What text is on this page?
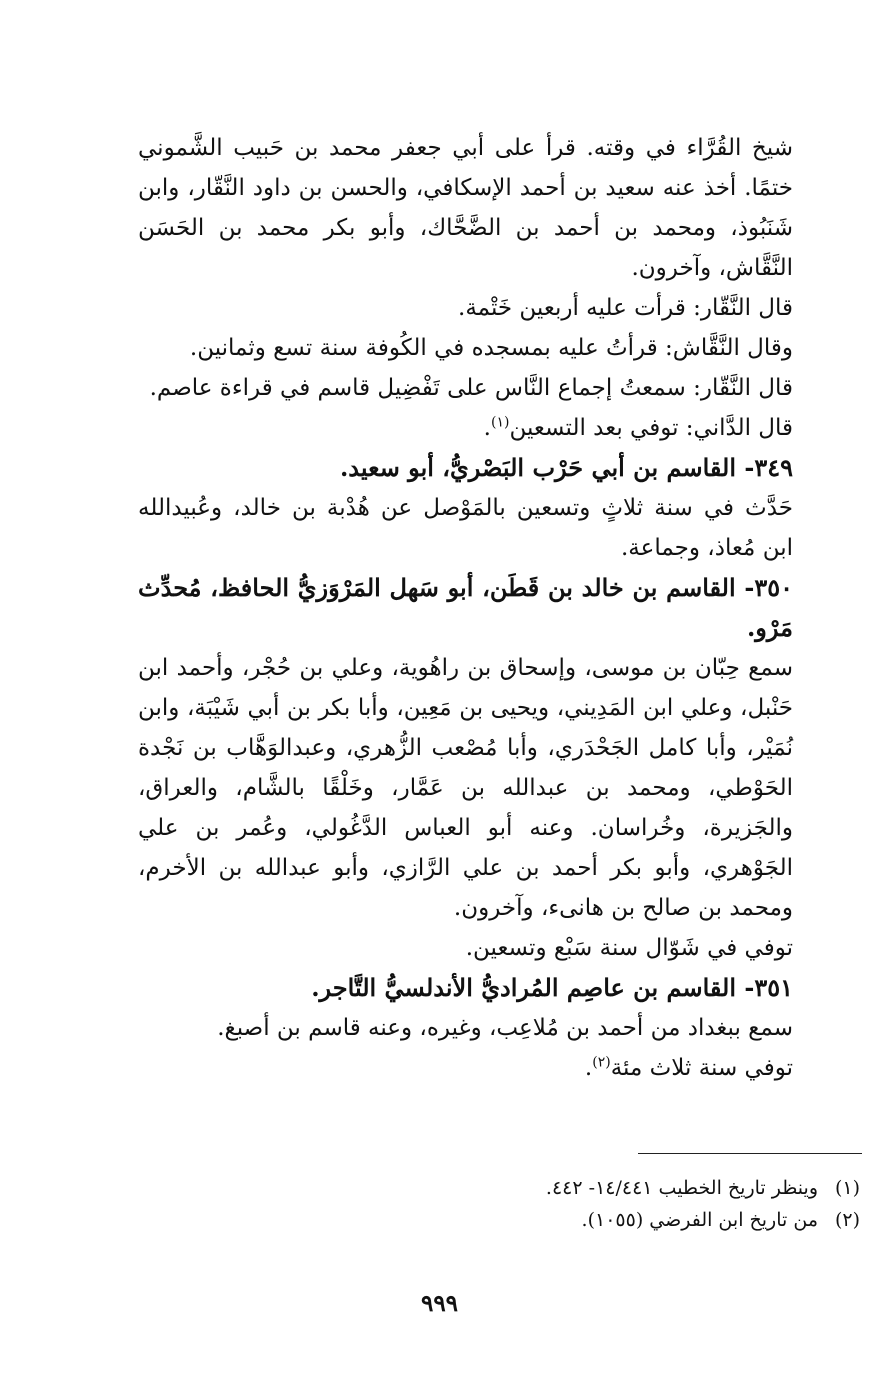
شيخ القُرَّاء في وقته. قرأ على أبي جعفر محمد بن حَبيب الشَّموني ختمًا. أخذ عنه سعيد بن أحمد الإسكافي، والحسن بن داود النَّقّار، وابن شَنَبُوذ، ومحمد بن أحمد بن الضَّحَّاك، وأبو بكر محمد بن الحَسَن النَّقَّاش، وآخرون.

قال النَّقّار: قرأت عليه أربعين خَتْمة.

وقال النَّقَّاش: قرأتُ عليه بمسجده في الكُوفة سنة تسع وثمانين.

قال النَّقّار: سمعتُ إجماع النَّاس على تَفْضِيل قاسم في قراءة عاصم.

قال الدَّاني: توفي بعد التسعين$^{(١)}$.

٣٤٩- القاسم بن أبي حَرْب البَصْريُّ، أبو سعيد.

حَدَّث في سنة ثلاثٍ وتسعين بالمَوْصل عن هُدْبة بن خالد، وعُبيدالله ابن مُعاذ، وجماعة.

٣٥٠- القاسم بن خالد بن قَطَن، أبو سَهل المَرْوَزيُّ الحافظ، مُحدِّث مَرْو.

سمع حِبّان بن موسى، وإسحاق بن راهُوية، وعلي بن حُجْر، وأحمد ابن حَنْبل، وعلي ابن المَدِيني، ويحيى بن مَعِين، وأبا بكر بن أبي شَيْبَة، وابن نُمَيْر، وأبا كامل الجَحْدَري، وأبا مُصْعب الزُّهري، وعبدالوَهَّاب بن نَجْدة الحَوْطي، ومحمد بن عبدالله بن عَمَّار، وخَلْقًا بالشَّام، والعراق، والجَزيرة، وخُراسان. وعنه أبو العباس الدَّغُولي، وعُمر بن علي الجَوْهري، وأبو بكر أحمد بن علي الرَّازي، وأبو عبدالله بن الأخرم، ومحمد بن صالح بن هانىء، وآخرون.

توفي في شَوّال سنة سَبْع وتسعين.

٣٥١- القاسم بن عاصِم المُراديُّ الأندلسيُّ التَّاجر.

سمع ببغداد من أحمد بن مُلاعِب، وغيره، وعنه قاسم بن أصبغ.

توفي سنة ثلاث مئة$^{(٢)}$.

(١)وينظر تاريخ الخطيب ١٤/٤٤١- ٤٤٢.

(٢)من تاريخ ابن الفرضي (١٠٥٥).

٩٩٩
